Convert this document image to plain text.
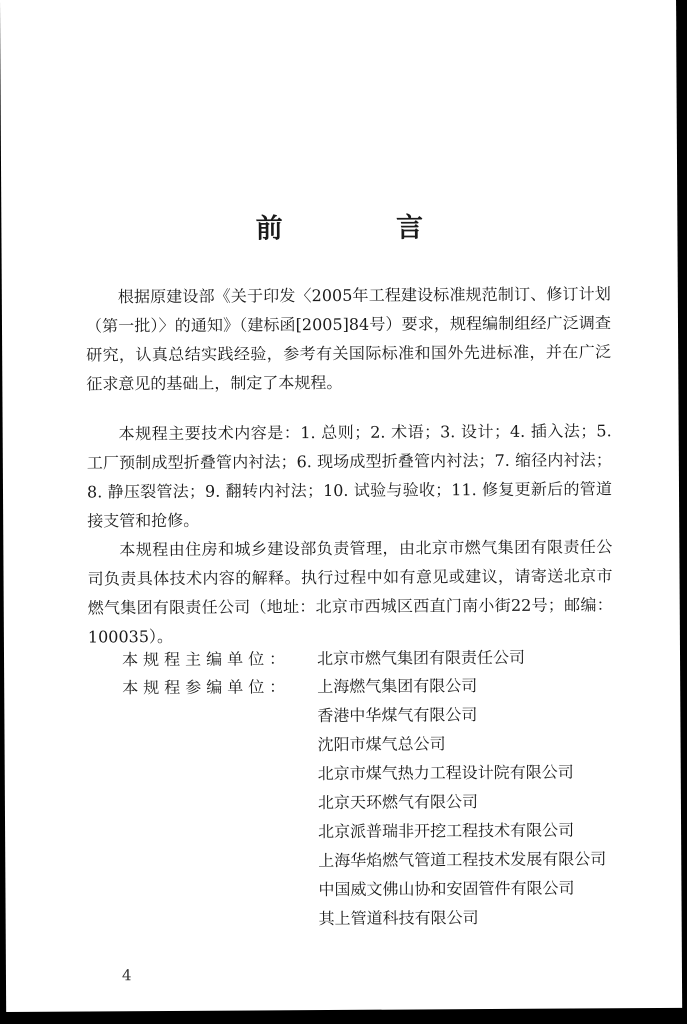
前 言

根据原建设部《关于印发〈2005年工程建设标准规范制订、修订计划（第一批）〉的通知》（建标函[2005]84号）要求，规程编制组经广泛调查研究，认真总结实践经验，参考有关国际标准和国外先进标准，并在广泛征求意见的基础上，制定了本规程。

本规程主要技术内容是：1. 总则；2. 术语；3. 设计；4. 插入法；5. 工厂预制成型折叠管内衬法；6. 现场成型折叠管内衬法；7. 缩径内衬法；8. 静压裂管法；9. 翻转内衬法；10. 试验与验收；11. 修复更新后的管道接支管和抢修。

本规程由住房和城乡建设部负责管理，由北京市燃气集团有限责任公司负责具体技术内容的解释。执行过程中如有意见或建议，请寄送北京市燃气集团有限责任公司（地址：北京市西城区西直门南小街22号；邮编：100035）。

本规程主编单位：	北京市燃气集团有限责任公司
本规程参编单位：	上海燃气集团有限公司
香港中华煤气有限公司
沈阳市煤气总公司
北京市煤气热力工程设计院有限公司
北京天环燃气有限公司
北京派普瑞非开挖工程技术有限公司
上海华焰燃气管道工程技术发展有限公司
中国威文佛山协和安固管件有限公司
其上管道科技有限公司
4
